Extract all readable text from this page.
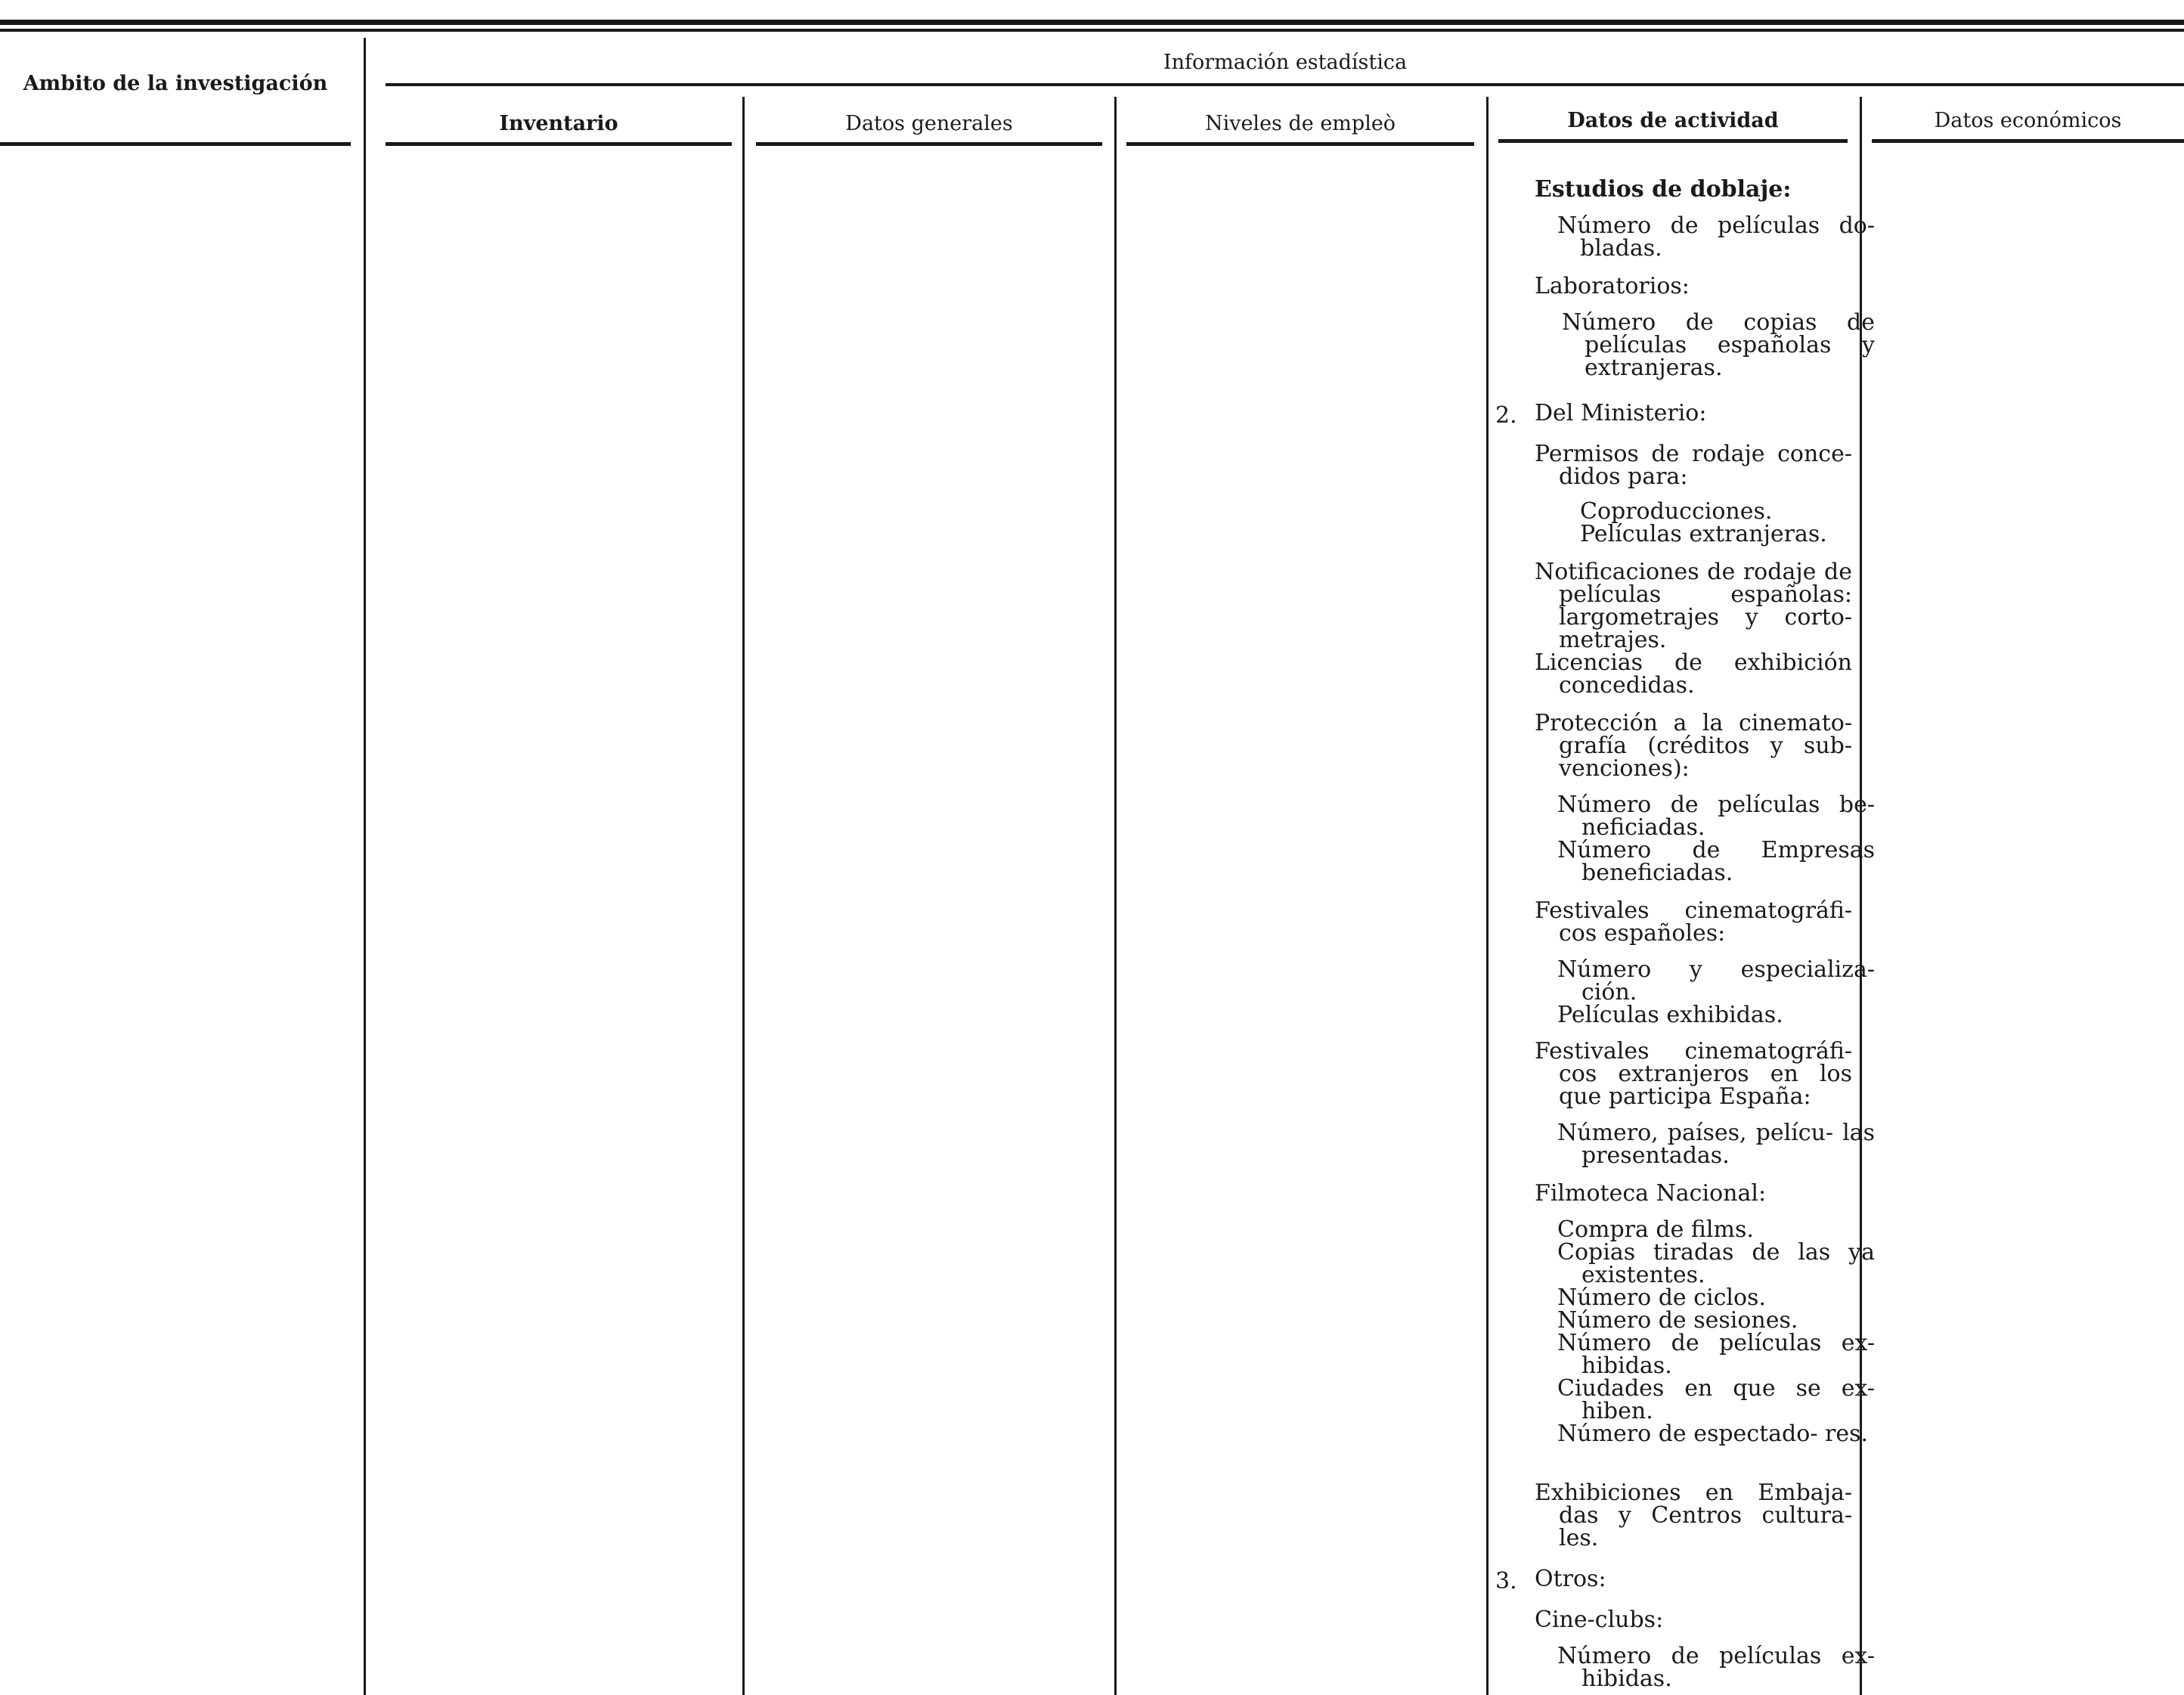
Ambito de la investigación
Información estadística
Inventario	Datos generales	Niveles de empleò	Datos de actividad	Datos económicos
2.
3.
Estudios de doblaje:
Número de películas do- bladas.
Laboratorios:
Número de copias de películas españolas y extranjeras.
Del Ministerio:
Permisos de rodaje conce- didos para:
Coproducciones.
Películas extranjeras.
Notificaciones de rodaje de películas españolas: largometrajes y corto- metrajes.
Licencias de exhibición concedidas.
Protección a la cinemato- grafía (créditos y sub- venciones):
Número de películas be- neficiadas.
Número de Empresas beneficiadas.
Festivales cinematográfi- cos españoles:
Número y especializa- ción.
Películas exhibidas.
Festivales cinematográfi- cos extranjeros en los que participa España:
Número, países, pelícu- las presentadas.
Filmoteca Nacional:
Compra de films.
Copias tiradas de las ya existentes.
Número de ciclos.
Número de sesiones.
Número de películas ex- hibidas.
Ciudades en que se ex- hiben.
Número de espectado- res.
Exhibiciones en Embaja- das y Centros cultura- les.
Otros:
Cine-clubs:
Número de películas ex- hibidas.
